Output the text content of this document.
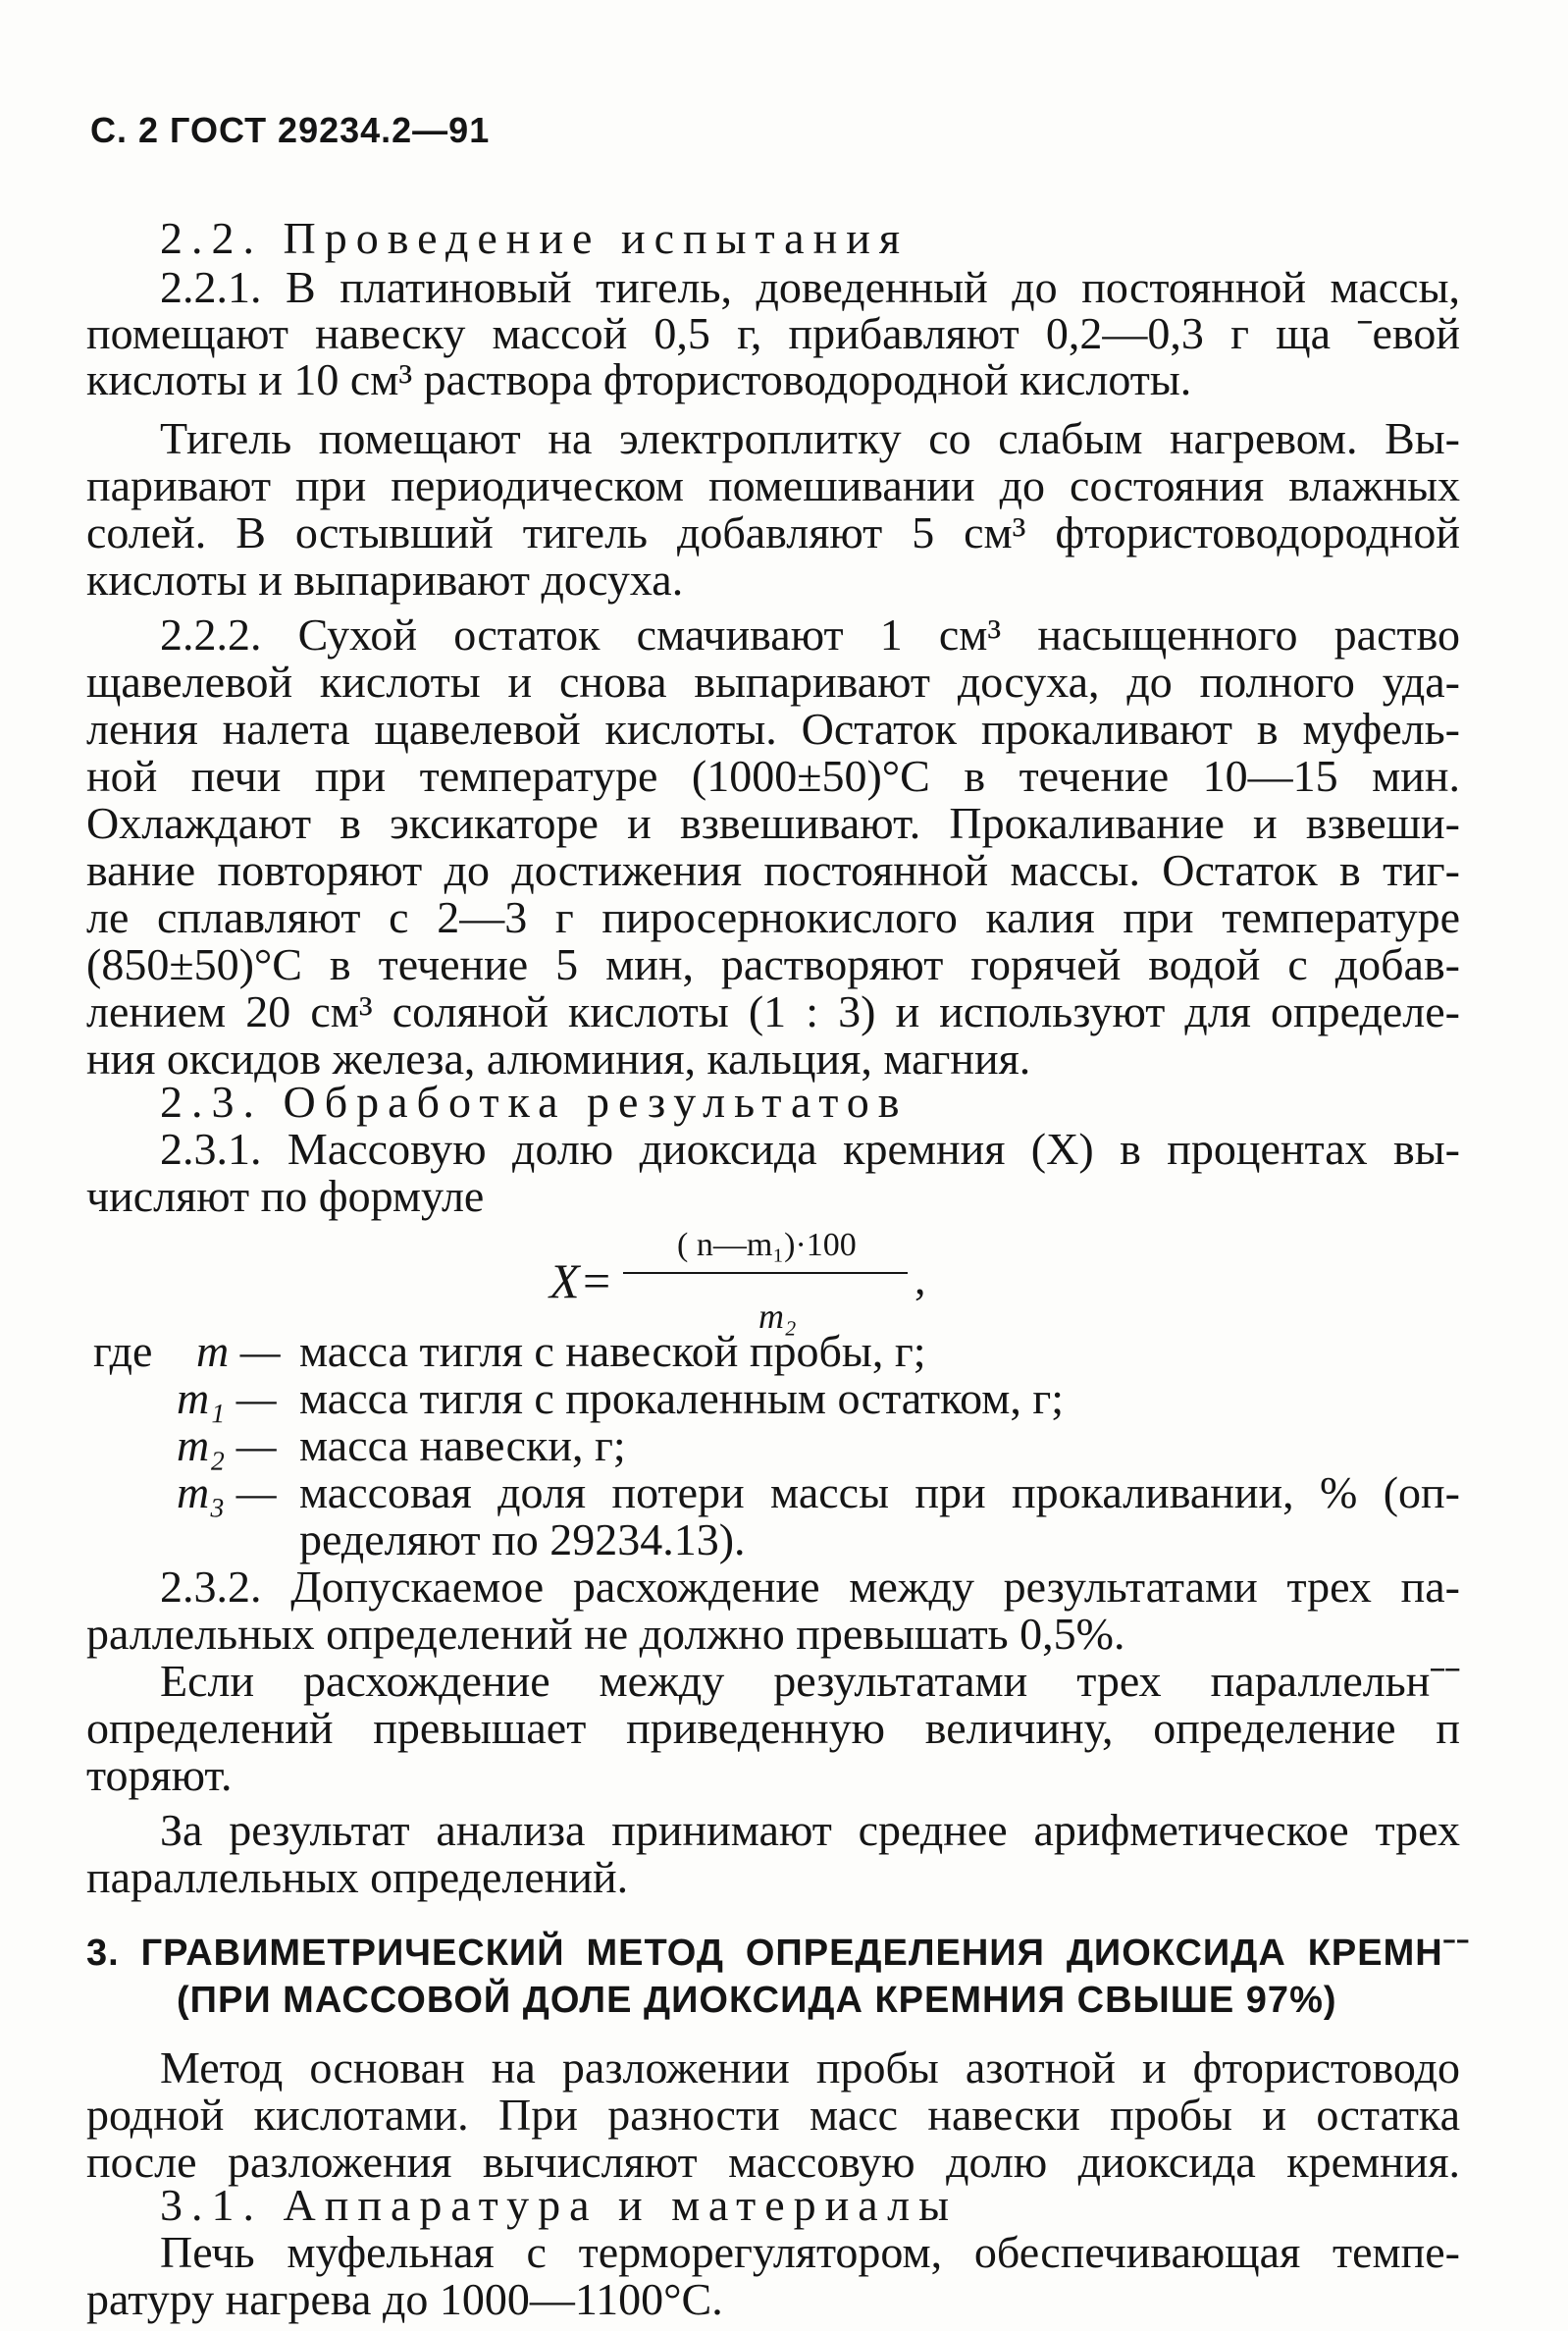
С. 2 ГОСТ 29234.2—91
2.2. Проведение испытания
2.2.1. В платиновый тигель, доведенный до постоянной массы,
помещают навеску массой 0,5 г, прибавляют 0,2—0,3 г ща ˉевой
кислоты и 10 см³ раствора фтористоводородной кислоты.
Тигель помещают на электроплитку со слабым нагревом. Вы-
паривают при периодическом помешивании до состояния влажных
солей. В остывший тигель добавляют 5 см³ фтористоводородной
кислоты и выпаривают досуха.
2.2.2. Сухой остаток смачивают 1 см³ насыщенного раство
щавелевой кислоты и снова выпаривают досуха, до полного уда-
ления налета щавелевой кислоты. Остаток прокаливают в муфель-
ной печи при температуре (1000±50)°С в течение 10—15 мин.
Охлаждают в эксикаторе и взвешивают. Прокаливание и взвеши-
вание повторяют до достижения постоянной массы. Остаток в тиг-
ле сплавляют с 2—3 г пиросернокислого калия при температуре
(850±50)°С в течение 5 мин, растворяют горячей водой с добав-
лением 20 см³ соляной кислоты (1 : 3) и используют для определе-
ния оксидов железа, алюминия, кальция, магния.
2.3. Обработка результатов
2.3.1. Массовую долю диоксида кремния (X) в процентах вы-
числяют по формуле
X =
( n—m₁)·100
,
m₂
где m — масса тигля с навеской пробы, г;
m₁ — масса тигля с прокаленным остатком, г;
m₂ — масса навески, г;
m₃ — массовая доля потери массы при прокаливании, % (оп-
ределяют по 29234.13).
2.3.2. Допускаемое расхождение между результатами трех па-
раллельных определений не должно превышать 0,5%.
Если расхождение между результатами трех параллельнˉˉ
определений превышает приведенную величину, определение п
торяют.
За результат анализа принимают среднее арифметическое трех
параллельных определений.
3. ГРАВИМЕТРИЧЕСКИЙ МЕТОД ОПРЕДЕЛЕНИЯ ДИОКСИДА КРЕМНˉˉ
(ПРИ МАССОВОЙ ДОЛЕ ДИОКСИДА КРЕМНИЯ СВЫШЕ 97%)
Метод основан на разложении пробы азотной и фтористоводо
родной кислотами. При разности масс навески пробы и остатка
после разложения вычисляют массовую долю диоксида кремния.
3.1. Аппаратура и материалы
Печь муфельная с терморегулятором, обеспечивающая темпе-
ратуру нагрева до 1000—1100°С.
